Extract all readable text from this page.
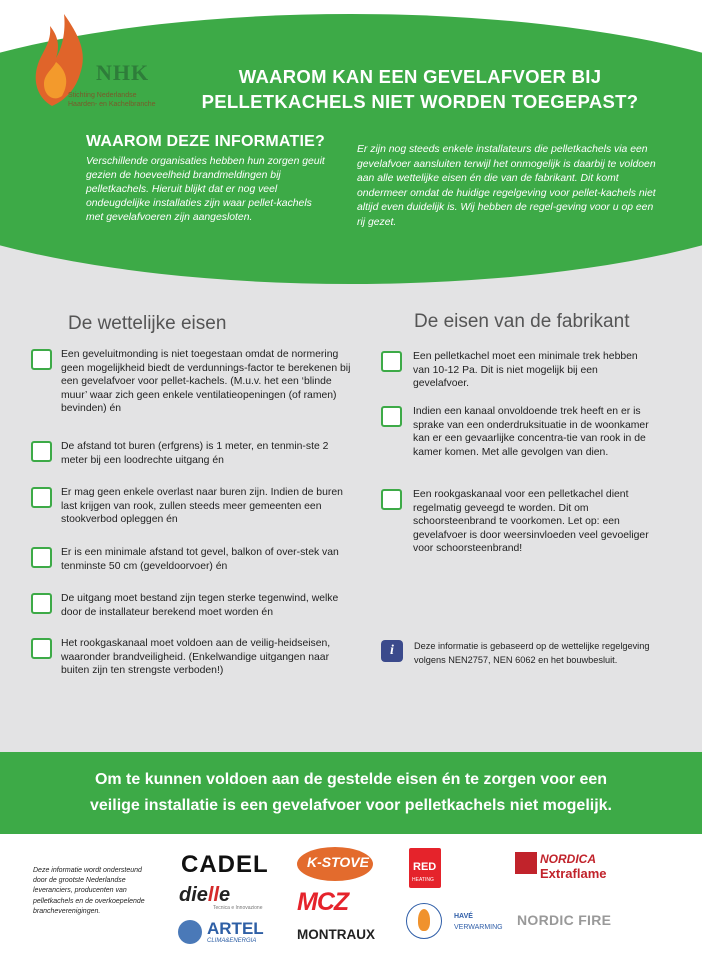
NHK
Stichting Nederlandse
Haarden- en Kachelbranche
WAAROM KAN EEN GEVELAFVOER BIJ
PELLETKACHELS NIET WORDEN TOEGEPAST?
WAAROM DEZE INFORMATIE?
Verschillende organisaties hebben hun zorgen geuit gezien de hoeveelheid brandmeldingen bij pelletkachels. Hieruit blijkt dat er nog veel ondeugdelijke installaties zijn waar pellet-kachels met gevelafvoeren zijn aangesloten.
Er zijn nog steeds enkele installateurs die pelletkachels via een gevelafvoer aansluiten terwijl het onmogelijk is daarbij te voldoen aan alle wettelijke eisen én die van de fabrikant. Dit komt ondermeer omdat de huidige regelgeving voor pellet-kachels niet altijd even duidelijk is. Wij hebben de regel-geving voor u op een rij gezet.
De wettelijke eisen	De eisen van de fabrikant

Een geveluitmonding is niet toegestaan omdat de normering geen mogelijkheid biedt de verdunnings-factor te berekenen bij een gevelafvoer voor pellet-kachels. (M.u.v. het een ‘blinde muur’ waar zich geen enkele ventilatieopeningen (of ramen) bevinden) én

De afstand tot buren (erfgrens) is 1 meter, en tenmin-ste 2 meter bij een loodrechte uitgang én

Er mag geen enkele overlast naar buren zijn. Indien de buren last krijgen van rook, zullen steeds meer gemeenten een stookverbod opleggen én

Er is een minimale afstand tot gevel, balkon of over-stek van tenminste 50 cm (geveldoorvoer) én

De uitgang moet bestand zijn tegen sterke tegenwind, welke door de installateur berekend moet worden én

Het rookgaskanaal moet voldoen aan de veilig-heidseisen, waaronder brandveiligheid. (Enkelwandige uitgangen naar buiten zijn ten strengste verboden!)

Een pelletkachel moet een minimale trek hebben van 10-12 Pa. Dit is niet mogelijk bij een gevelafvoer.

Indien een kanaal onvoldoende trek heeft en er is sprake van een onderdruksituatie in de woonkamer kan er een gevaarlijke concentra-tie van rook in de kamer komen. Met alle gevolgen van dien.

Een rookgaskanaal voor een pelletkachel dient regelmatig geveegd te worden. Dit om schoorsteenbrand te voorkomen. Let op: een gevelafvoer is door weersinvloeden veel gevoeliger voor schoorsteenbrand!

i	Deze informatie is gebaseerd op de wettelijke regelgeving volgens NEN2757, NEN 6062 en het bouwbesluit.

Om te kunnen voldoen aan de gestelde eisen én te zorgen voor een
veilige installatie is een gevelafvoer voor pelletkachels niet mogelijk.
Deze informatie wordt ondersteund door de grootste Nederlandse leveranciers, producenten van pelletkachels en de overkoepelende brancheverenigingen.
CADEL
dielle
Tecnica e Innovazione
ARTEL
CLIMA&ENERGIA
K-STOVE
MCZ
MONTRAUX
RED
HEATING
HAVÉ
VERWARMING
NORDICA
Extraflame
NORDIC FIRE
